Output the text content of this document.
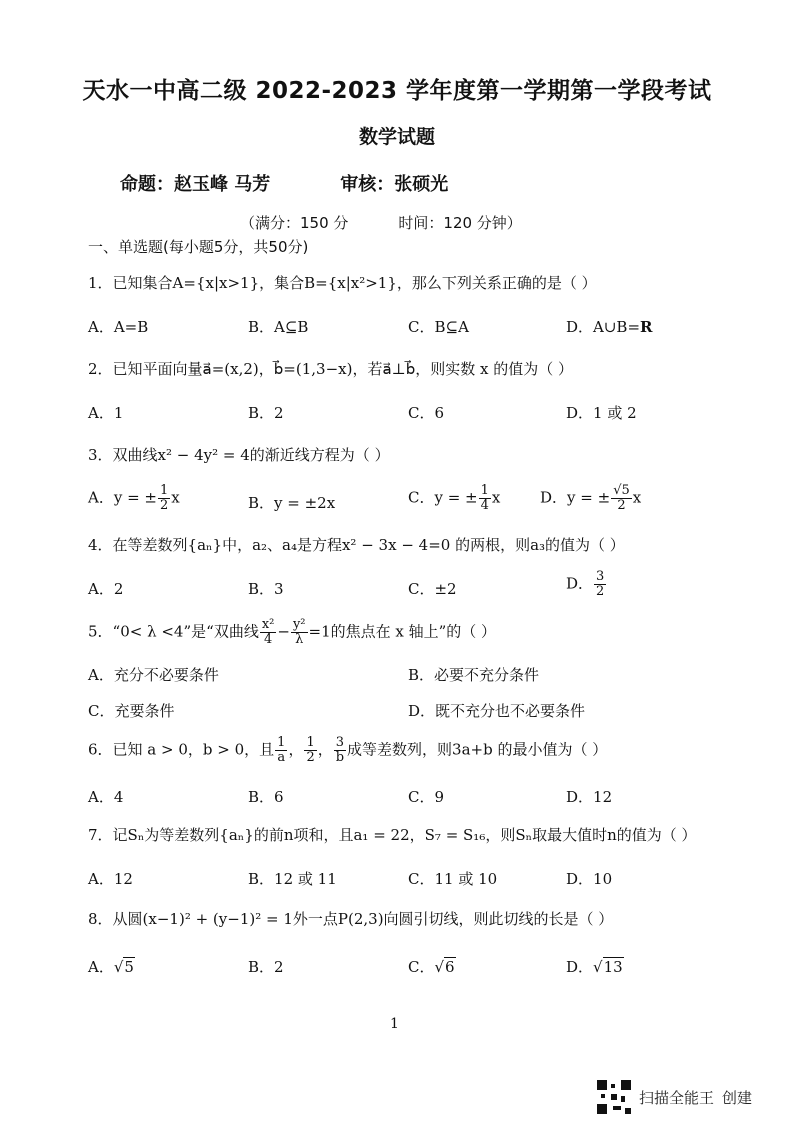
天水一中高二级 2022-2023 学年度第一学期第一学段考试
数学试题
命题：赵玉峰 马芳	审核：张硕光
（满分：150 分	时间：120 分钟）
一、单选题(每小题5分，共50分)
1．已知集合A={x|x>1}，集合B={x|x²>1}，那么下列关系正确的是（ ）
A．A=B	B．A⊆B	C．B⊆A	D．A∪B=R
2．已知平面向量a⃗=(x,2)，b⃗=(1,3−x)，若a⃗⊥b⃗，则实数 x 的值为（ ）
A．1	B．2	C．6	D．1 或 2
3．双曲线x² − 4y² = 4的渐近线方程为（ ）
A．y = ± $\frac{1}{2}$ x	B．y = ±2x	C．y = ± $\frac{1}{4}$ x	D．y = ± $\frac{√5}{2}$ x
4．在等差数列{aₙ}中，a₂、a₄是方程x² − 3x − 4=0 的两根，则a₃的值为（ ）
A．2	B．3	C．±2	D． $\frac{3}{2}$
5．“0< λ <4”是“双曲线 $\frac{\text{x²}}{4} - \frac{\text{y²}}{\lambda} =1$的焦点在 x 轴上”的（ ）
A．充分不必要条件	B．必要不充分条件
C．充要条件	D．既不充分也不必要条件
6．已知 a > 0，b > 0，且 $\frac{1}{a}$ ， $\frac{1}{2}$ ， $\frac{3}{b}$ 成等差数列，则3a+b 的最小值为（ ）
A．4	B．6	C．9	D．12
7．记Sₙ为等差数列{aₙ}的前n项和，且a₁ = 22，S₇ = S₁₆，则Sₙ取最大值时n的值为（ ）
A．12	B．12 或 11	C．11 或 10	D．10
8．从圆(x−1)² + (y−1)² = 1外一点P(2,3)向圆引切线，则此切线的长是（ ）
A．√5	B．2	C．√6	D．√13
1
扫描全能王 创建
